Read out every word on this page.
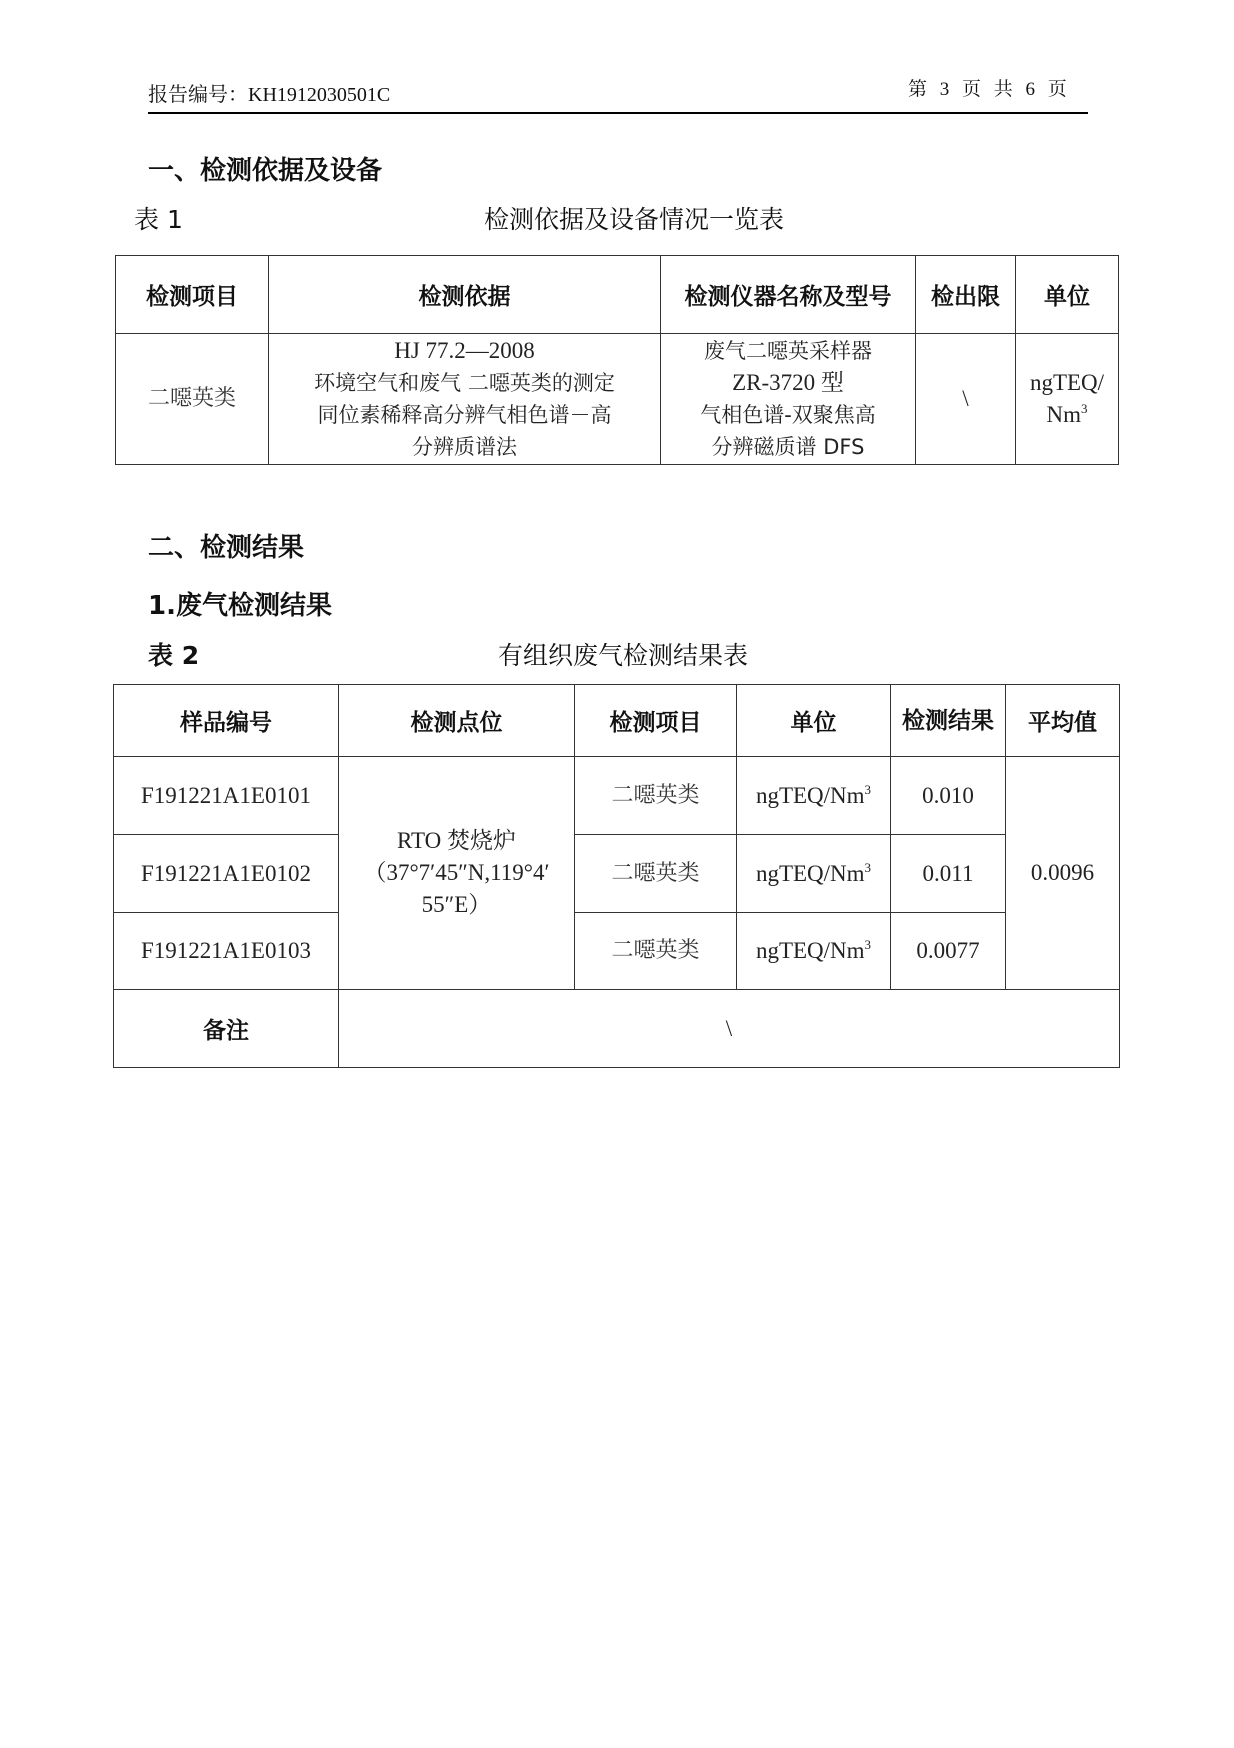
报告编号：KH1912030501C	第 3 页 共 6 页
一、检测依据及设备
表 1	检测依据及设备情况一览表
检测项目	检测依据	检测仪器名称及型号	检出限	单位
二噁英类	HJ 77.2—2008
环境空气和废气 二噁英类的测定
同位素稀释高分辨气相色谱－高
分辨质谱法	废气二噁英采样器
ZR-3720 型
气相色谱-双聚焦高
分辨磁质谱 DFS	\	ngTEQ/
Nm$^3$
二、检测结果
1.废气检测结果
表 2	有组织废气检测结果表
样品编号	检测点位	检测项目	单位	检测结果	平均值
F191221A1E0101	RTO 焚烧炉
（37°7′45″N,119°4′
55″E）	二噁英类	ngTEQ/Nm$^3$	0.010	0.0096
F191221A1E0102		二噁英类	ngTEQ/Nm$^3$	0.011	
F191221A1E0103		二噁英类	ngTEQ/Nm$^3$	0.0077	
备注	\				
